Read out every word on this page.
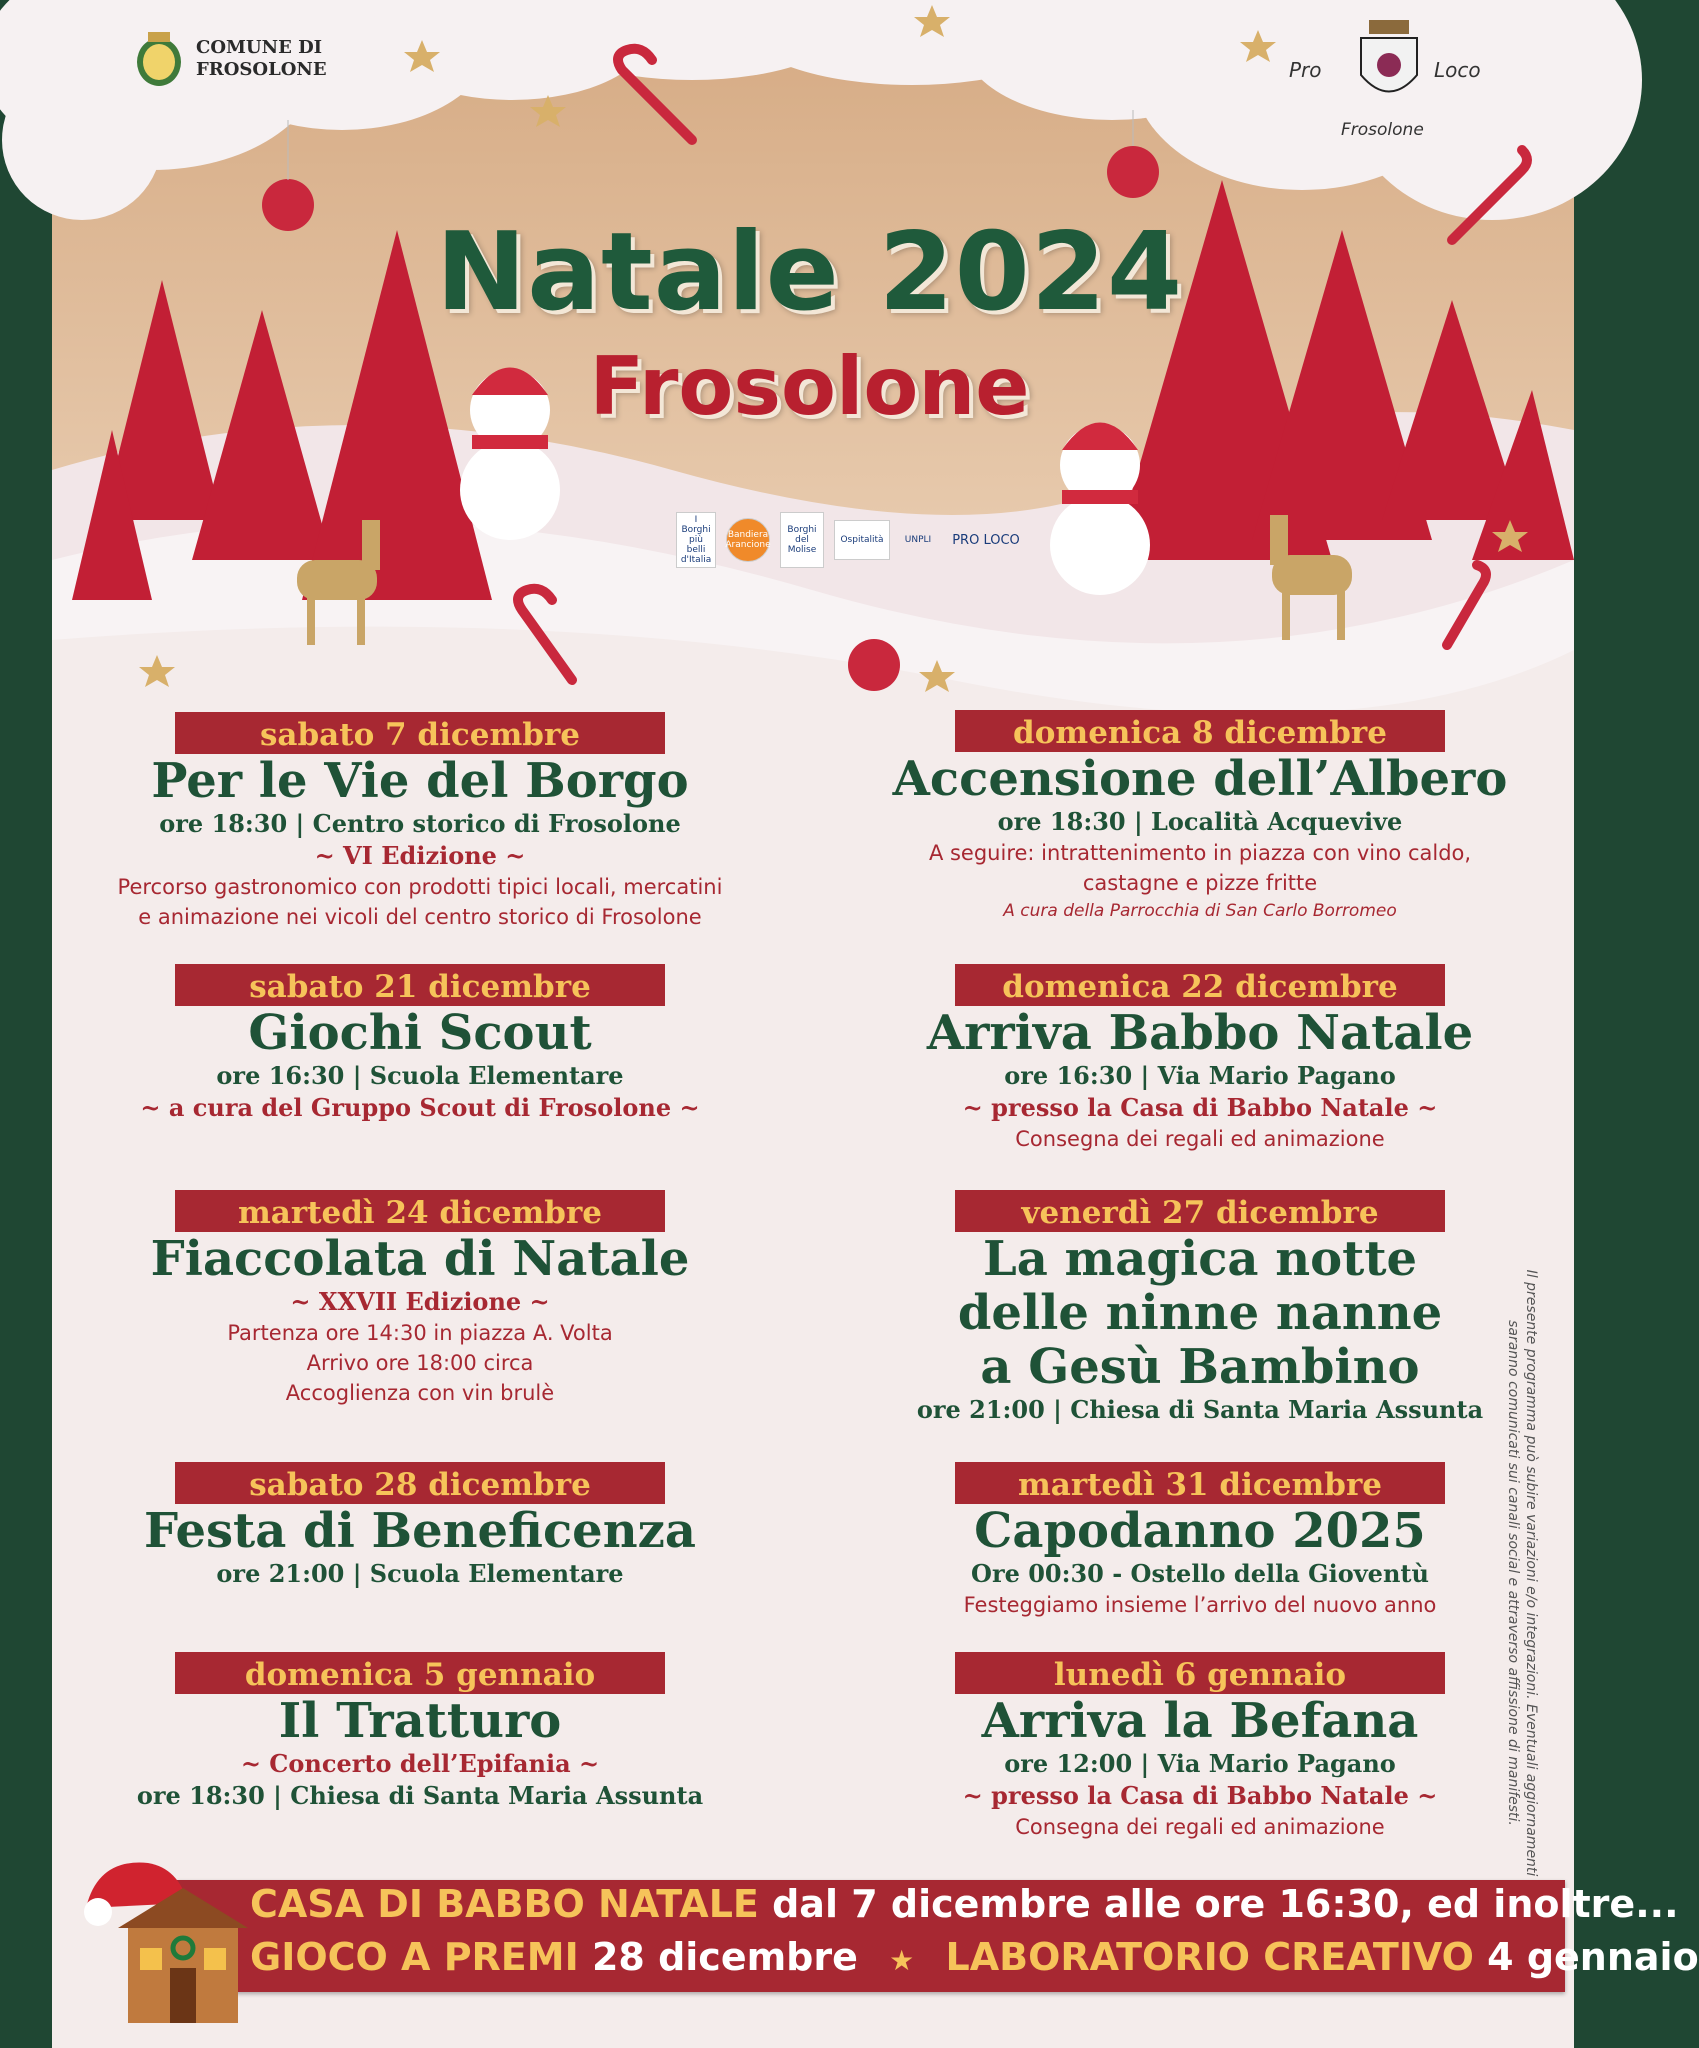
COMUNE DI
FROSOLONE	Pro	Loco
Frosolone
Natale 2024
Frosolone
I Borghi più belli d'Italia
Bandiera Arancione
Borghi del Molise
Ospitalità	UNPLI	PRO LOCO
sabato 7 dicembre
Per le Vie del Borgo
ore 18:30 | Centro storico di Frosolone
~ VI Edizione ~
Percorso gastronomico con prodotti tipici locali, mercatini
e animazione nei vicoli del centro storico di Frosolone
sabato 21 dicembre
Giochi Scout
ore 16:30 | Scuola Elementare
~ a cura del Gruppo Scout di Frosolone ~
martedì 24 dicembre
Fiaccolata di Natale
~ XXVII Edizione ~
Partenza ore 14:30 in piazza A. Volta
Arrivo ore 18:00 circa
Accoglienza con vin brulè
sabato 28 dicembre
Festa di Beneficenza
ore 21:00 | Scuola Elementare
domenica 5 gennaio
Il Tratturo
~ Concerto dell’Epifania ~
ore 18:30 | Chiesa di Santa Maria Assunta
domenica 8 dicembre
Accensione dell’Albero
ore 18:30 | Località Acquevive
A seguire: intrattenimento in piazza con vino caldo,
castagne e pizze fritte
A cura della Parrocchia di San Carlo Borromeo
domenica 22 dicembre
Arriva Babbo Natale
ore 16:30 | Via Mario Pagano
~ presso la Casa di Babbo Natale ~
Consegna dei regali ed animazione
venerdì 27 dicembre
La magica notte
delle ninne nanne
a Gesù Bambino
ore 21:00 | Chiesa di Santa Maria Assunta
martedì 31 dicembre
Capodanno 2025
Ore 00:30 - Ostello della Gioventù
Festeggiamo insieme l’arrivo del nuovo anno
lunedì 6 gennaio
Arriva la Befana
ore 12:00 | Via Mario Pagano
~ presso la Casa di Babbo Natale ~
Consegna dei regali ed animazione	Il presente programma può subire variazioni e/o integrazioni. Eventuali aggiornamenti saranno comunicati sui canali social e attraverso affissione di manifesti.
CASA DI BABBO NATALE dal 7 dicembre alle ore 16:30, ed inoltre...
GIOCO A PREMI 28 dicembre ★ LABORATORIO CREATIVO 4 gennaio
